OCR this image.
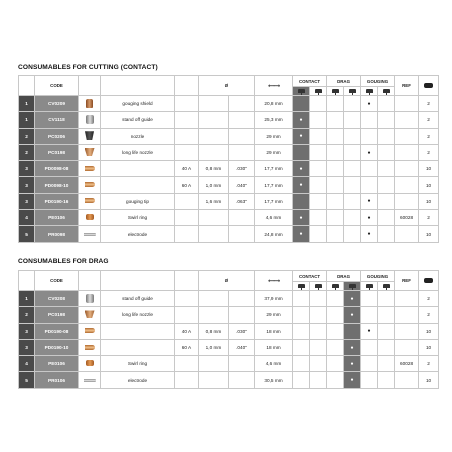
CONSUMABLES FOR CUTTING (CONTACT)
	CODE				Ø		⟵⟶	CONTACT		DRAG		GOUGING		REF	

1	CV0209		gouging shield				20,8 mm					●			2
1	CV1118		stand off guide				25,3 mm	●							2
2	PC0206		nozzle				29 mm	●							2
2	PC0198		long life nozzle				29 mm					●			2
3	PD0098-08			40 A	0,8 mm	.030"	17,7 mm	●							10
3	PD0098-10			60 A	1,0 mm	.040"	17,7 mm	●							10
3	PD0190-16		gouging tip		1,6 mm	.063"	17,7 mm					●			10
4	PE0106		Swirl ring				4,6 mm	●				●		60028	2
5	PR0098		electrode				24,8 mm	●				●			10
CONSUMABLES FOR DRAG
	CODE				Ø		⟵⟶	CONTACT		DRAG		GOUGING		REF	

1	CV0208		stand off guide				37,9 mm				●				2
2	PC0198		long life nozzle				29 mm				●				2
3	PD0190-08			40 A	0,8 mm	.030"	18 mm					●			10
3	PD0190-10			60 A	1,0 mm	.040"	18 mm				●				10
4	PE0106		Swirl ring				4,6 mm				●			60028	2
5	PR0106		electrode				30,5 mm				●				10
